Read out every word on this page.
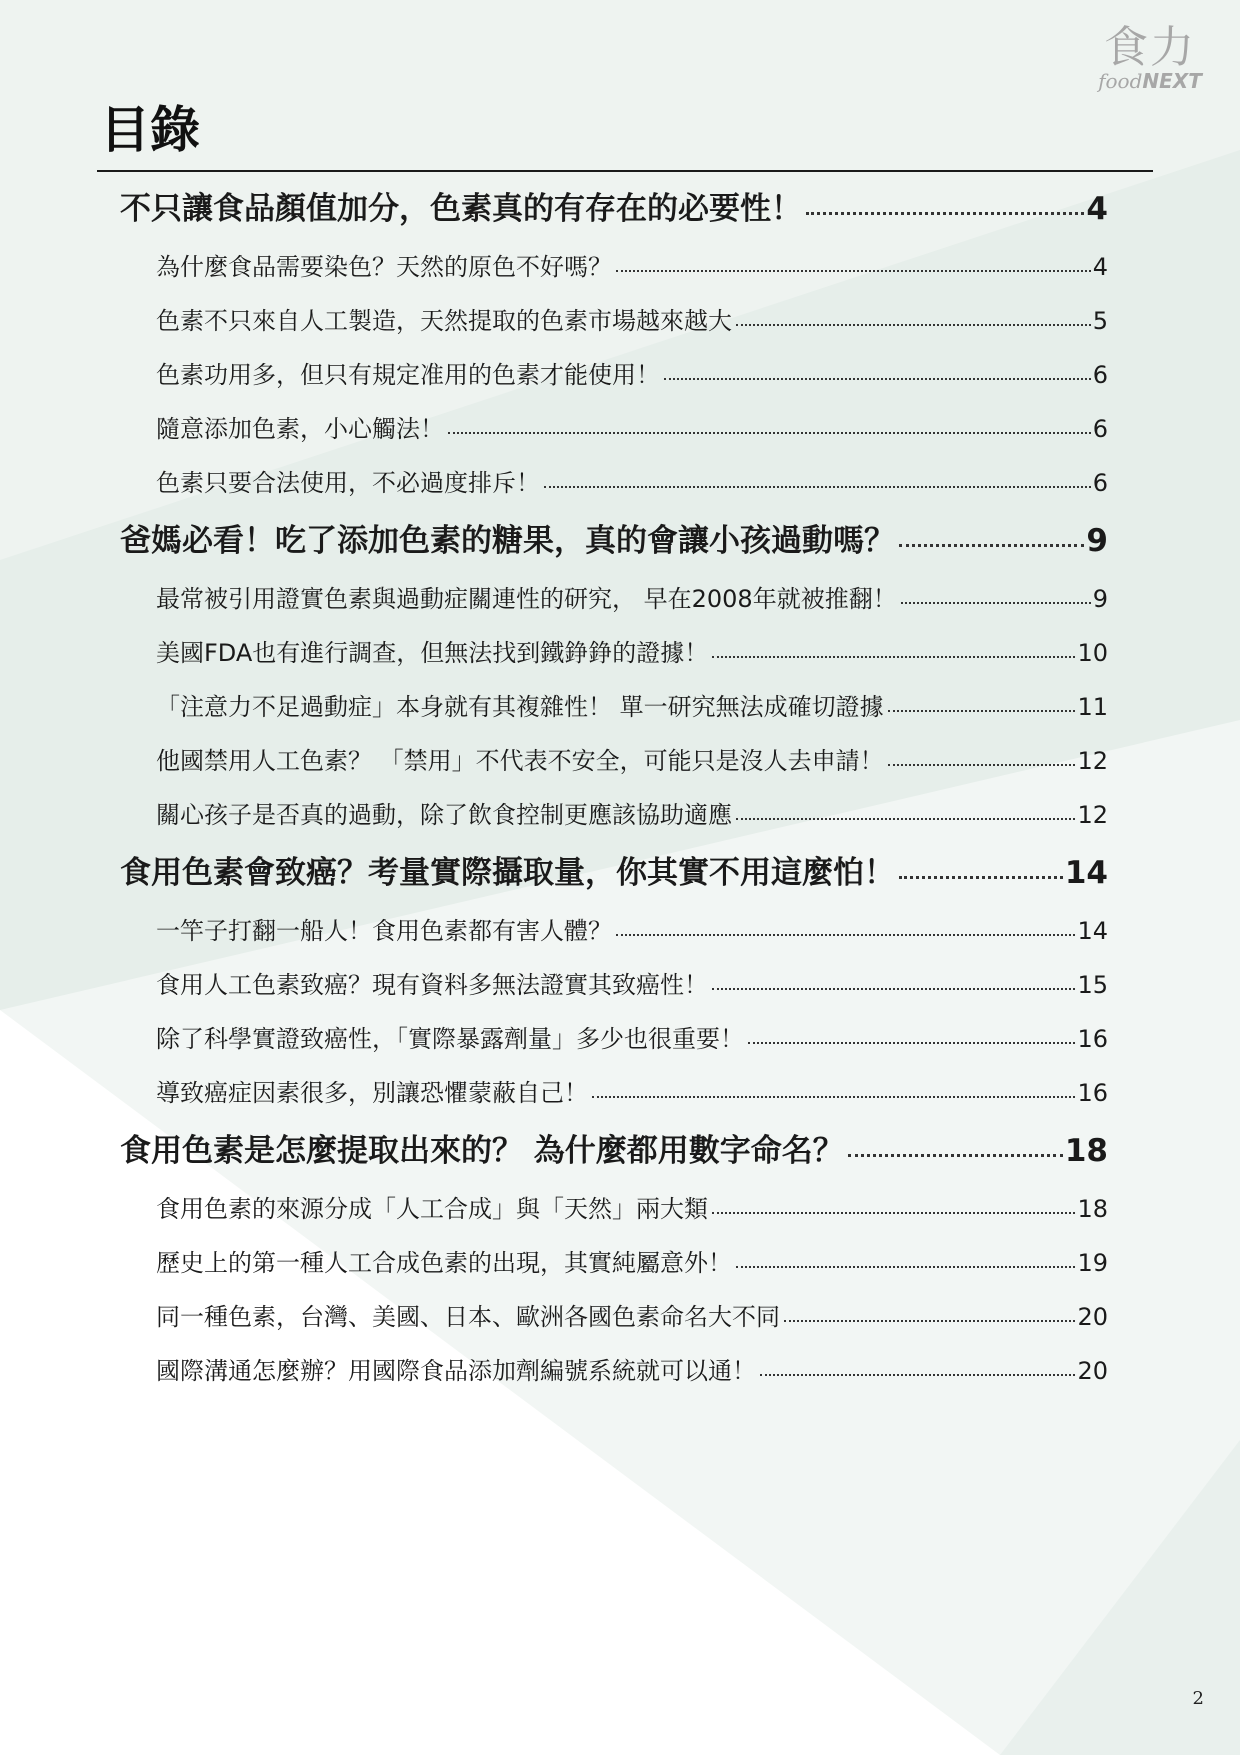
食力
foodNEXT
目錄
不只讓食品顏值加分，色素真的有存在的必要性！	4
為什麼食品需要染色？天然的原色不好嗎？	4
色素不只來自人工製造，天然提取的色素市場越來越大	5
色素功用多，但只有規定准用的色素才能使用！	6
隨意添加色素，小心觸法！	6
色素只要合法使用，不必過度排斥！	6
爸媽必看！吃了添加色素的糖果，真的會讓小孩過動嗎？	9
最常被引用證實色素與過動症關連性的研究， 早在2008年就被推翻！	9
美國FDA也有進行調查，但無法找到鐵錚錚的證據！	10
「注意力不足過動症」本身就有其複雜性！ 單一研究無法成確切證據	11
他國禁用人工色素？ 「禁用」不代表不安全，可能只是沒人去申請！	12
關心孩子是否真的過動，除了飲食控制更應該協助適應	12
食用色素會致癌？考量實際攝取量，你其實不用這麼怕！	14
一竿子打翻一船人！食用色素都有害人體？	14
食用人工色素致癌？現有資料多無法證實其致癌性！	15
除了科學實證致癌性，「實際暴露劑量」多少也很重要！	16
導致癌症因素很多，別讓恐懼蒙蔽自己！	16
食用色素是怎麼提取出來的？ 為什麼都用數字命名？	18
食用色素的來源分成「人工合成」與「天然」兩大類	18
歷史上的第一種人工合成色素的出現，其實純屬意外！	19
同一種色素，台灣、美國、日本、歐洲各國色素命名大不同	20
國際溝通怎麼辦？用國際食品添加劑編號系統就可以通！	20
2
